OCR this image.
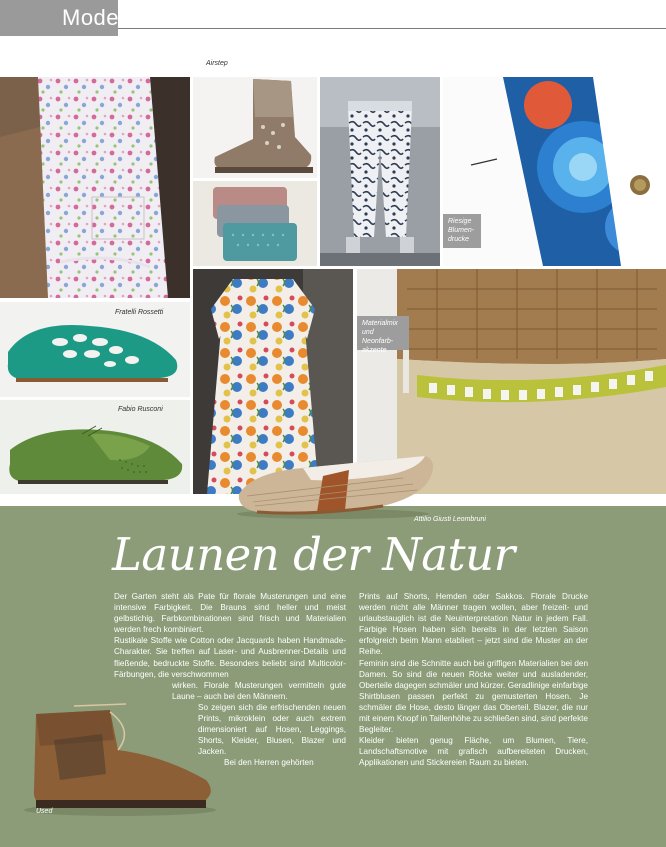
Mode
Airstep
Riesige
Blumen-
drucke
Fratelli Rossetti
Fabio Rusconi
Materialmix
und Neonfarb-
akzente
Attilio Giusti Leombruni
Launen der Natur

Der Garten steht als Pate für florale Musterungen und eine intensive Farbigkeit. Die Brauns sind heller und meist gelbstichig. Farbkombinationen sind frisch und Materialien werden frech kombiniert.

Rustikale Stoffe wie Cotton oder Jacquards haben Handmade-Charakter. Sie treffen auf Laser- und Ausbrenner-Details und fließende, bedruckte Stoffe. Besonders beliebt sind Multicolor-Färbungen, die verschwommen

wirken. Florale Musterungen vermitteln gute Laune – auch bei den Männern.

So zeigen sich die erfrischenden neuen Prints, mikroklein oder auch extrem dimensioniert auf Hosen, Leggings, Shorts, Kleider, Blusen, Blazer und Jacken.

Bei den Herren gehörten

Prints auf Shorts, Hemden oder Sakkos. Florale Drucke werden nicht alle Männer tragen wollen, aber freizeit- und urlaubstauglich ist die Neuinterpretation Natur in jedem Fall. Farbige Hosen haben sich bereits in der letzten Saison erfolgreich beim Mann etabliert – jetzt sind die Muster an der Reihe.

Feminin sind die Schnitte auch bei griffigen Materialien bei den Damen. So sind die neuen Röcke weiter und ausladender, Oberteile dagegen schmäler und kürzer. Geradlinige einfarbige Shirtblusen passen perfekt zu gemusterten Hosen. Je schmäler die Hose, desto länger das Oberteil. Blazer, die nur mit einem Knopf in Taillenhöhe zu schließen sind, sind perfekte Begleiter.

Kleider bieten genug Fläche, um Blumen, Tiere, Landschaftsmotive mit grafisch aufbereiteten Drucken, Applikationen und Stickereien Raum zu bieten.

Used
